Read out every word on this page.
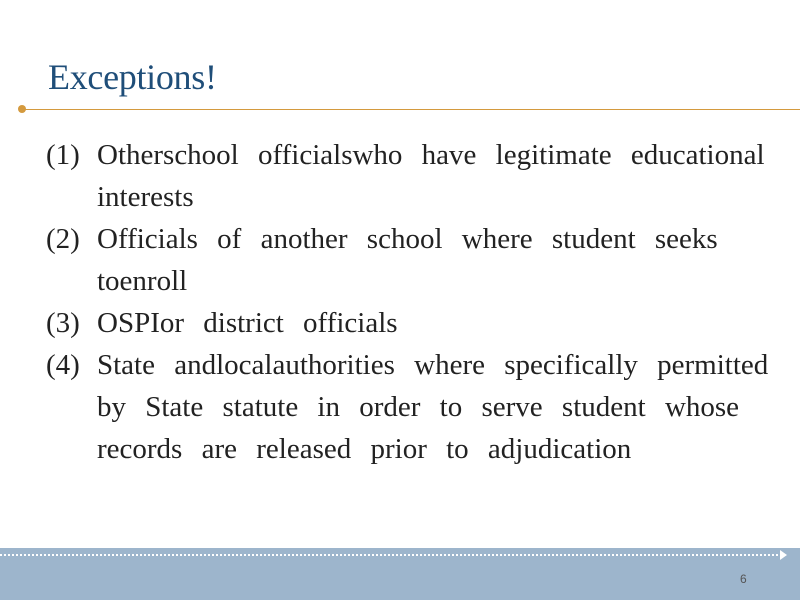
Exceptions!
(1) Otherschool officialswho have legitimate educational interests
(2) Officials of another school where student seeks toenroll
(3) OSPIor district officials
(4) State andlocalauthorities where specifically permitted by State statute in order to serve student whose records are released prior to adjudication
6
